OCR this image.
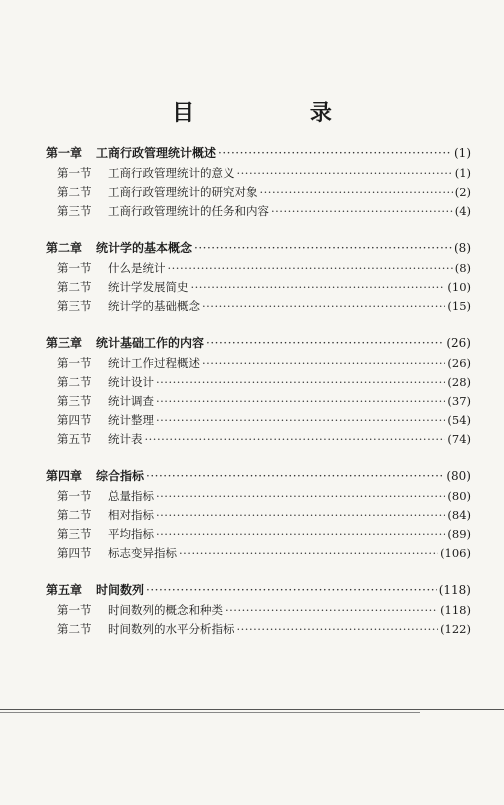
目 录
第一章	工商行政管理统计概述 ·····	(1)
第一节	工商行政管理统计的意义 ·····	(1)
第二节	工商行政管理统计的研究对象 ·····	(2)
第三节	工商行政管理统计的任务和内容 ·····	(4)
第二章	统计学的基本概念 ·····	(8)
第一节	什么是统计 ·····	(8)
第二节	统计学发展简史 ·····	(10)
第三节	统计学的基础概念 ·····	(15)
第三章	统计基础工作的内容 ·····	(26)
第一节	统计工作过程概述 ·····	(26)
第二节	统计设计 ·····	(28)
第三节	统计调查 ·····	(37)
第四节	统计整理 ·····	(54)
第五节	统计表 ·····	(74)
第四章	综合指标 ·····	(80)
第一节	总量指标 ·····	(80)
第二节	相对指标 ·····	(84)
第三节	平均指标 ·····	(89)
第四节	标志变异指标 ·····	(106)
第五章	时间数列 ·····	(118)
第一节	时间数列的概念和种类 ·····	(118)
第二节	时间数列的水平分析指标 ·····	(122)
